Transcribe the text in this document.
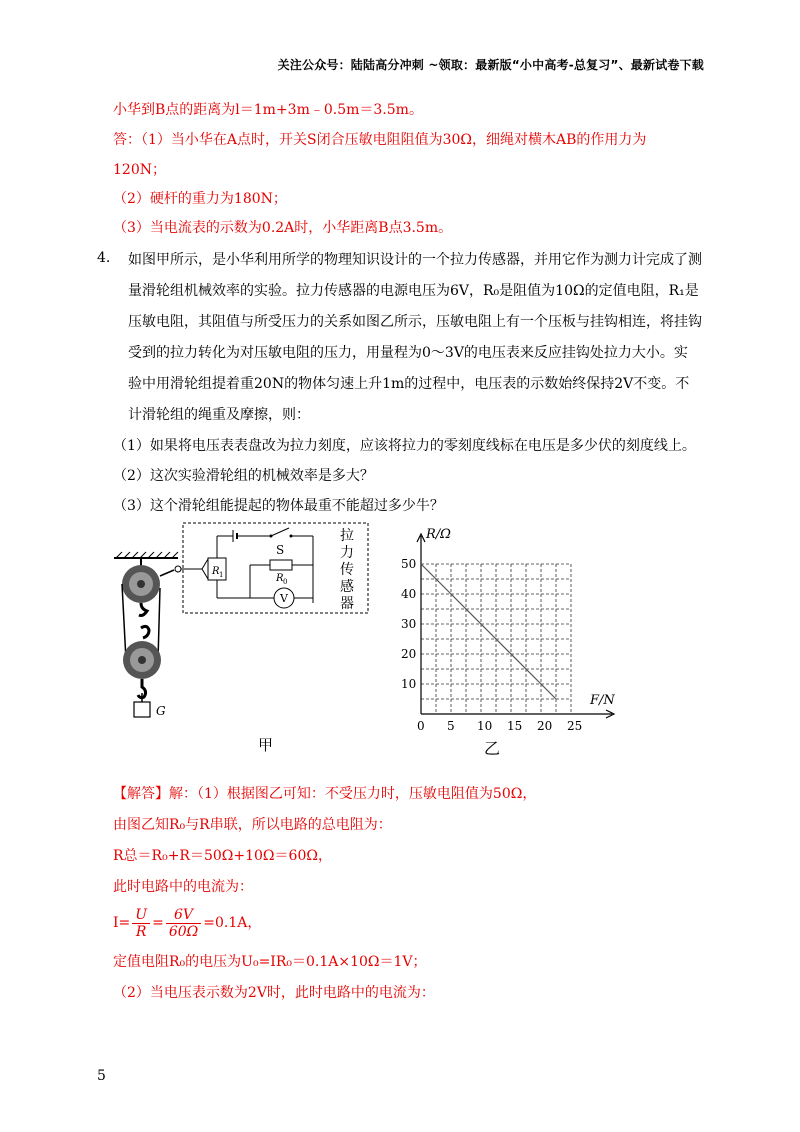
关注公众号：陆陆高分冲刺 ~领取：最新版“小中高考-总复习”、最新试卷下载
小华到B点的距离为l＝1m+3m﹣0.5m＝3.5m。
答：（1）当小华在A点时，开关S闭合压敏电阻阻值为30Ω，细绳对横木AB的作用力为
120N；
（2）硬杆的重力为180N；
（3）当电流表的示数为0.2A时，小华距离B点3.5m。
4. 如图甲所示，是小华利用所学的物理知识设计的一个拉力传感器，并用它作为测力计完成了测
量滑轮组机械效率的实验。拉力传感器的电源电压为6V，R₀是阻值为10Ω的定值电阻，R₁是
压敏电阻，其阻值与所受压力的关系如图乙所示，压敏电阻上有一个压板与挂钩相连，将挂钩
受到的拉力转化为对压敏电阻的压力，用量程为0～3V的电压表来反应挂钩处拉力大小。实
验中用滑轮组提着重20N的物体匀速上升1m的过程中，电压表的示数始终保持2V不变。不
计滑轮组的绳重及摩擦，则：
（1）如果将电压表表盘改为拉力刻度，应该将拉力的零刻度线标在电压是多少伏的刻度线上。
（2）这次实验滑轮组的机械效率是多大？
（3）这个滑轮组能提起的物体最重不能超过多少牛？
G
拉
力
传
感
器
R 1
S
R 0
V
甲
0 5 10 15 20 25
10
20
30
40
50
R/Ω
F/N
乙
【解答】解：（1）根据图乙可知：不受压力时，压敏电阻值为50Ω，
由图乙知R₀与R串联，所以电路的总电阻为：
R总＝R₀+R＝50Ω+10Ω＝60Ω，
此时电路中的电流为：
$I= \frac{U}{R} = \frac{6V}{60\Omega} =0.1A$，
定值电阻R₀的电压为U₀=IR₀＝0.1A×10Ω＝1V；
（2）当电压表示数为2V时，此时电路中的电流为：
5
